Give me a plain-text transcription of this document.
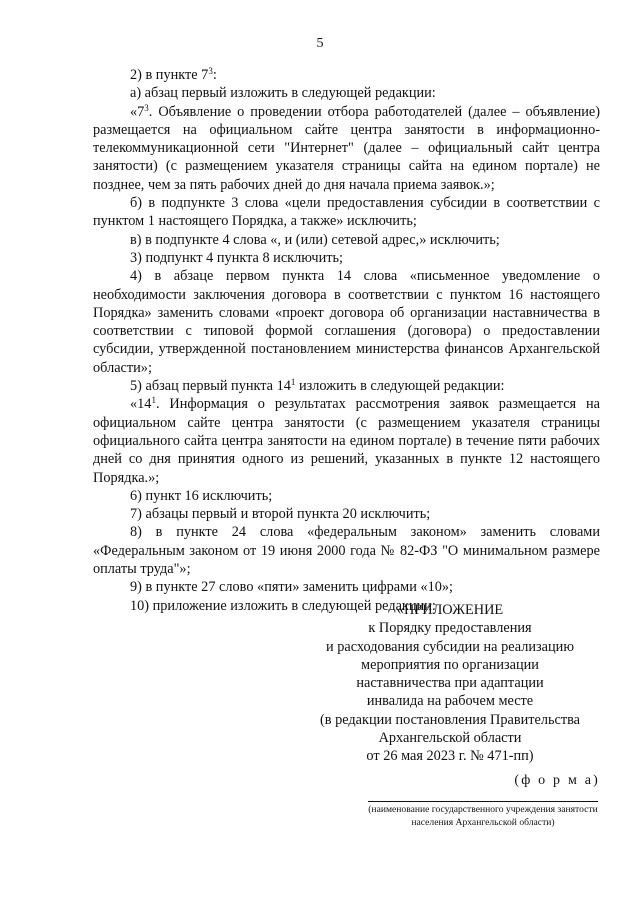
5

2) в пункте $7^3$:

а) абзац первый изложить в следующей редакции:

«$7^3$. Объявление о проведении отбора работодателей (далее – объявление) размещается на официальном сайте центра занятости в информационно-телекоммуникационной сети "Интернет" (далее – официальный сайт центра занятости) (с размещением указателя страницы сайта на едином портале) не позднее, чем за пять рабочих дней до дня начала приема заявок.»;

б) в подпункте 3 слова «цели предоставления субсидии в соответствии с пунктом 1 настоящего Порядка, а также» исключить;

в) в подпункте 4 слова «, и (или) сетевой адрес,» исключить;

3) подпункт 4 пункта 8 исключить;

4) в абзаце первом пункта 14 слова «письменное уведомление о необходимости заключения договора в соответствии с пунктом 16 настоящего Порядка» заменить словами «проект договора об организации наставничества в соответствии с типовой формой соглашения (договора) о предоставлении субсидии, утвержденной постановлением министерства финансов Архангельской области»;

5) абзац первый пункта $14^1$ изложить в следующей редакции:

«$14^1$. Информация о результатах рассмотрения заявок размещается на официальном сайте центра занятости (с размещением указателя страницы официального сайта центра занятости на едином портале) в течение пяти рабочих дней со дня принятия одного из решений, указанных в пункте 12 настоящего Порядка.»;

6) пункт 16 исключить;

7) абзацы первый и второй пункта 20 исключить;

8) в пункте 24 слова «федеральным законом» заменить словами «Федеральным законом от 19 июня 2000 года № 82-ФЗ "О минимальном размере оплаты труда"»;

9) в пункте 27 слово «пяти» заменить цифрами «10»;

10) приложение изложить в следующей редакции:

«ПРИЛОЖЕНИЕ
к Порядку предоставления
и расходования субсидии на реализацию
мероприятия по организации
наставничества при адаптации
инвалида на рабочем месте
(в редакции постановления Правительства
Архангельской области
от 26 мая 2023 г. № 471-пп)
(ф о р м а)
(наименование государственного учреждения занятости населения Архангельской области)
